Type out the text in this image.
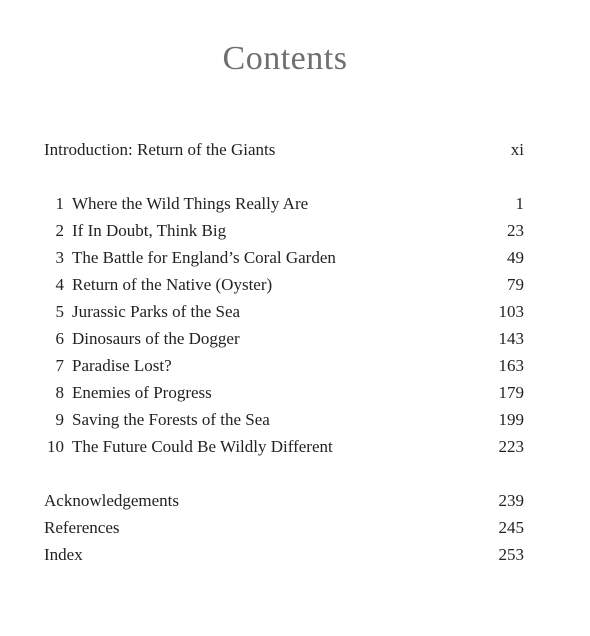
Contents
Introduction: Return of the Giants	xi
1 Where the Wild Things Really Are	1
2 If In Doubt, Think Big	23
3 The Battle for England’s Coral Garden	49
4 Return of the Native (Oyster)	79
5 Jurassic Parks of the Sea	103
6 Dinosaurs of the Dogger	143
7 Paradise Lost?	163
8 Enemies of Progress	179
9 Saving the Forests of the Sea	199
10 The Future Could Be Wildly Different	223
Acknowledgements	239
References	245
Index	253
